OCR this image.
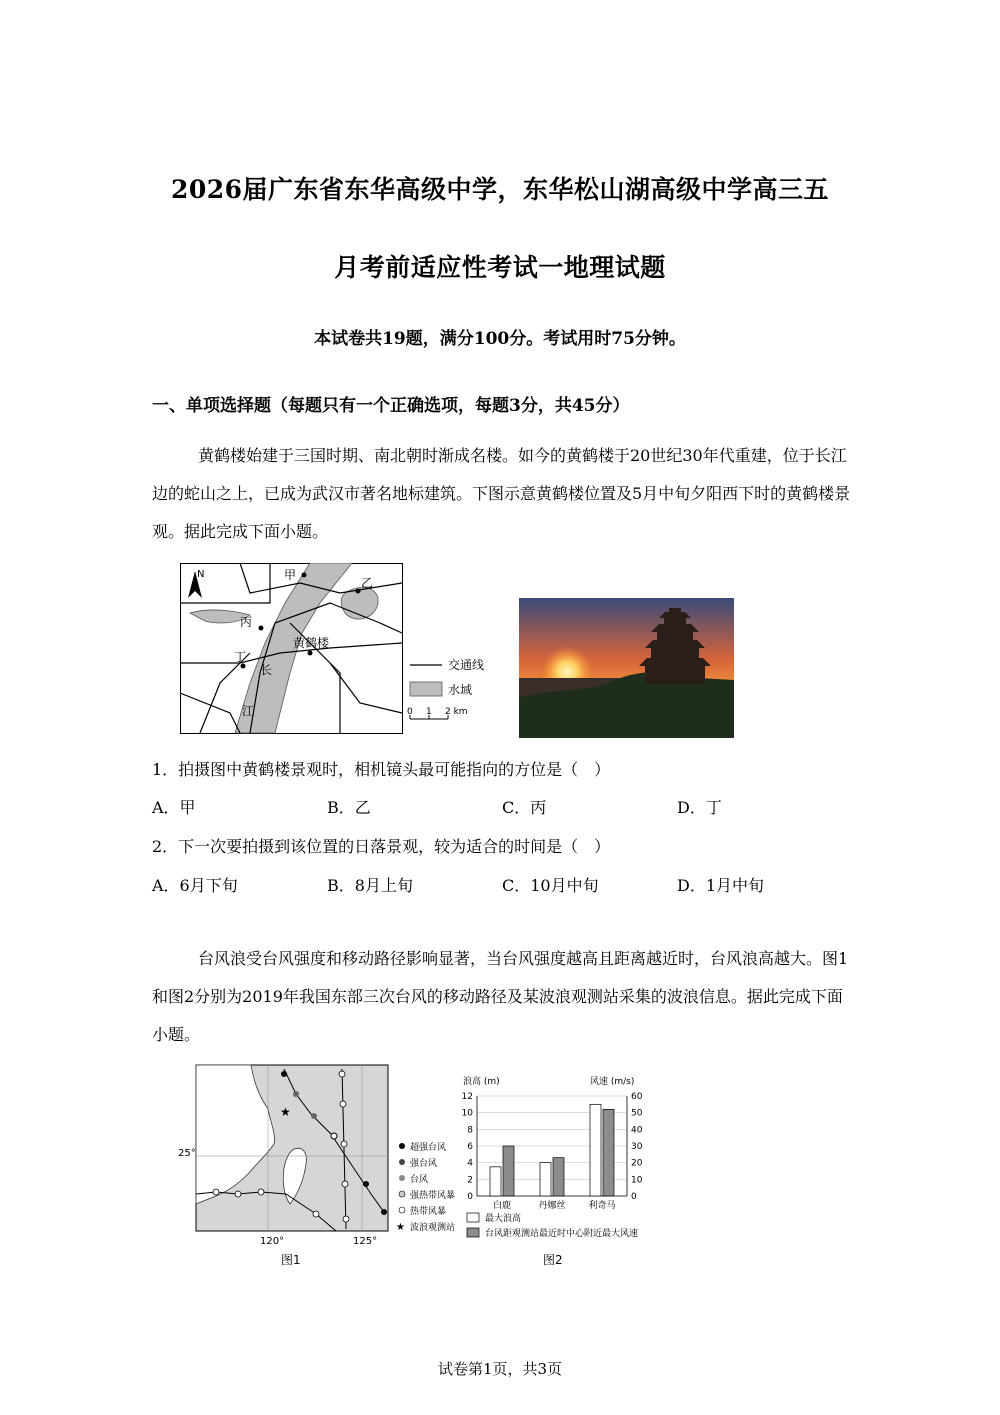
2026届广东省东华高级中学，东华松山湖高级中学高三五
月考前适应性考试一地理试题
本试卷共19题，满分100分。考试用时75分钟。
一、单项选择题（每题只有一个正确选项，每题3分，共45分）
黄鹤楼始建于三国时期、南北朝时渐成名楼。如今的黄鹤楼于20世纪30年代重建，位于长江边的蛇山之上，已成为武汉市著名地标建筑。下图示意黄鹤楼位置及5月中旬夕阳西下时的黄鹤楼景观。据此完成下面小题。
N	甲
乙
丙
丁
黄鹤楼
长
江
交通线
水域
0 1 2 km
1．拍摄图中黄鹤楼景观时，相机镜头最可能指向的方位是（　）
A．甲	B．乙	C．丙	D．丁
2．下一次要拍摄到该位置的日落景观，较为适合的时间是（　）
A．6月下旬	B．8月上旬	C．10月中旬	D．1月中旬
台风浪受台风强度和移动路径影响显著，当台风强度越高且距离越近时，台风浪高越大。图1和图2分别为2019年我国东部三次台风的移动路径及某波浪观测站采集的波浪信息。据此完成下面小题。
★
25°
120°	125°
图1
超强台风
强台风
台风
强热带风暴
热带风暴
★ 波浪观测站
浪高 (m)	风速 (m/s)
0
2
4
6
8
10
12
0
10
20
30
40
50
60
白鹿	丹娜丝	利奇马
最大浪高
台风距观测站最近时中心附近最大风速
图2
试卷第1页，共3页
